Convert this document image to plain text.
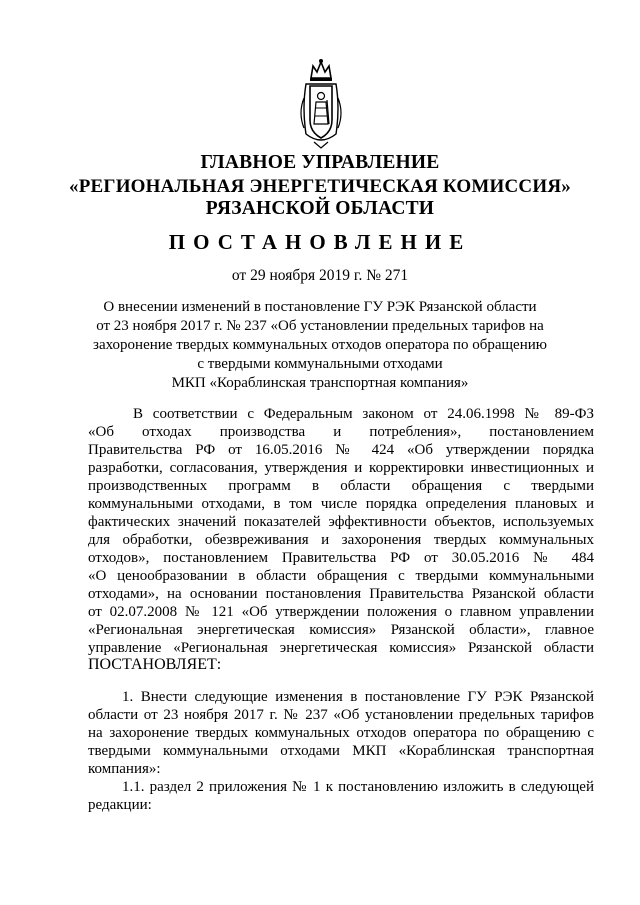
ГЛАВНОЕ УПРАВЛЕНИЕ
«РЕГИОНАЛЬНАЯ ЭНЕРГЕТИЧЕСКАЯ КОМИССИЯ»
РЯЗАНСКОЙ ОБЛАСТИ
ПОСТАНОВЛЕНИЕ
от 29 ноября 2019 г. № 271
О внесении изменений в постановление ГУ РЭК Рязанской области
от 23 ноября 2017 г. № 237 «Об установлении предельных тарифов на
захоронение твердых коммунальных отходов оператора по обращению
с твердыми коммунальными отходами
МКП «Кораблинская транспортная компания»
В соответствии с Федеральным законом от 24.06.1998 № 89-ФЗ
«Об отходах производства и потребления», постановлением
Правительства РФ от 16.05.2016 № 424 «Об утверждении порядка
разработки, согласования, утверждения и корректировки инвестиционных и
производственных программ в области обращения с твердыми
коммунальными отходами, в том числе порядка определения плановых и
фактических значений показателей эффективности объектов, используемых
для обработки, обезвреживания и захоронения твердых коммунальных
отходов», постановлением Правительства РФ от 30.05.2016 № 484
«О ценообразовании в области обращения с твердыми коммунальными
отходами», на основании постановления Правительства Рязанской области
от 02.07.2008 № 121 «Об утверждении положения о главном управлении
«Региональная энергетическая комиссия» Рязанской области», главное
управление «Региональная энергетическая комиссия» Рязанской области
ПОСТАНОВЛЯЕТ:
1. Внести следующие изменения в постановление ГУ РЭК Рязанской
области от 23 ноября 2017 г. № 237 «Об установлении предельных тарифов
на захоронение твердых коммунальных отходов оператора по обращению с
твердыми коммунальными отходами МКП «Кораблинская транспортная
компания»:
1.1. раздел 2 приложения № 1 к постановлению изложить в следующей
редакции:
